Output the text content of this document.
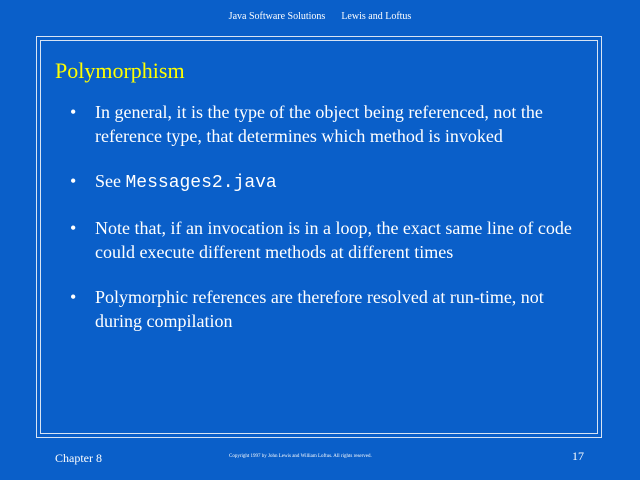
Java Software Solutions Lewis and Loftus
Polymorphism
• In general, it is the type of the object being referenced, not the reference type, that determines which method is invoked
• See Messages2.java
• Note that, if an invocation is in a loop, the exact same line of code could execute different methods at different times
• Polymorphic references are therefore resolved at run-time, not during compilation
Chapter 8	Copyright 1997 by John Lewis and William Loftus. All rights reserved.	17
